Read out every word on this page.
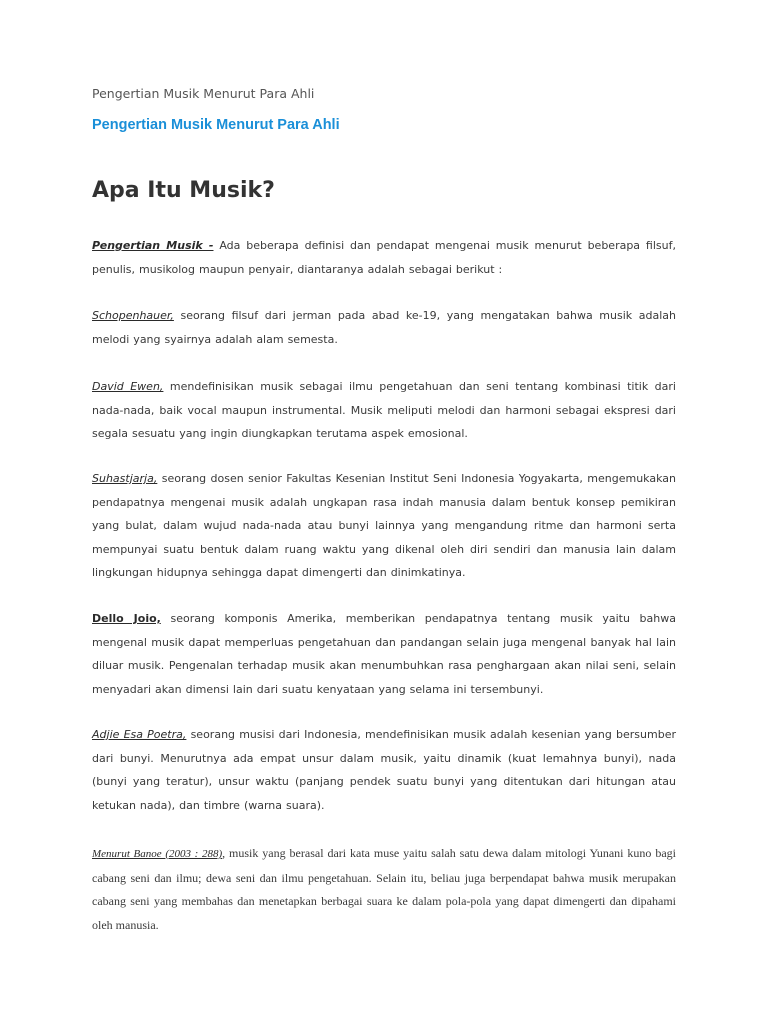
Pengertian Musik Menurut Para Ahli
Pengertian Musik Menurut Para Ahli
Apa Itu Musik?

Pengertian Musik - Ada beberapa definisi dan pendapat mengenai musik menurut beberapa filsuf, penulis, musikolog maupun penyair, diantaranya adalah sebagai berikut :

Schopenhauer, seorang filsuf dari jerman pada abad ke-19, yang mengatakan bahwa musik adalah melodi yang syairnya adalah alam semesta.

David Ewen, mendefinisikan musik sebagai ilmu pengetahuan dan seni tentang kombinasi titik dari nada-nada, baik vocal maupun instrumental. Musik meliputi melodi dan harmoni sebagai ekspresi dari segala sesuatu yang ingin diungkapkan terutama aspek emosional.

Suhastjarja, seorang dosen senior Fakultas Kesenian Institut Seni Indonesia Yogyakarta, mengemukakan pendapatnya mengenai musik adalah ungkapan rasa indah manusia dalam bentuk konsep pemikiran yang bulat, dalam wujud nada-nada atau bunyi lainnya yang mengandung ritme dan harmoni serta mempunyai suatu bentuk dalam ruang waktu yang dikenal oleh diri sendiri dan manusia lain dalam lingkungan hidupnya sehingga dapat dimengerti dan dinimkatinya.

Dello Joio, seorang komponis Amerika, memberikan pendapatnya tentang musik yaitu bahwa mengenal musik dapat memperluas pengetahuan dan pandangan selain juga mengenal banyak hal lain diluar musik. Pengenalan terhadap musik akan menumbuhkan rasa penghargaan akan nilai seni, selain menyadari akan dimensi lain dari suatu kenyataan yang selama ini tersembunyi.

Adjie Esa Poetra, seorang musisi dari Indonesia, mendefinisikan musik adalah kesenian yang bersumber dari bunyi. Menurutnya ada empat unsur dalam musik, yaitu dinamik (kuat lemahnya bunyi), nada (bunyi yang teratur), unsur waktu (panjang pendek suatu bunyi yang ditentukan dari hitungan atau ketukan nada), dan timbre (warna suara).

Menurut Banoe (2003 : 288), musik yang berasal dari kata muse yaitu salah satu dewa dalam mitologi Yunani kuno bagi cabang seni dan ilmu; dewa seni dan ilmu pengetahuan. Selain itu, beliau juga berpendapat bahwa musik merupakan cabang seni yang membahas dan menetapkan berbagai suara ke dalam pola-pola yang dapat dimengerti dan dipahami oleh manusia.
